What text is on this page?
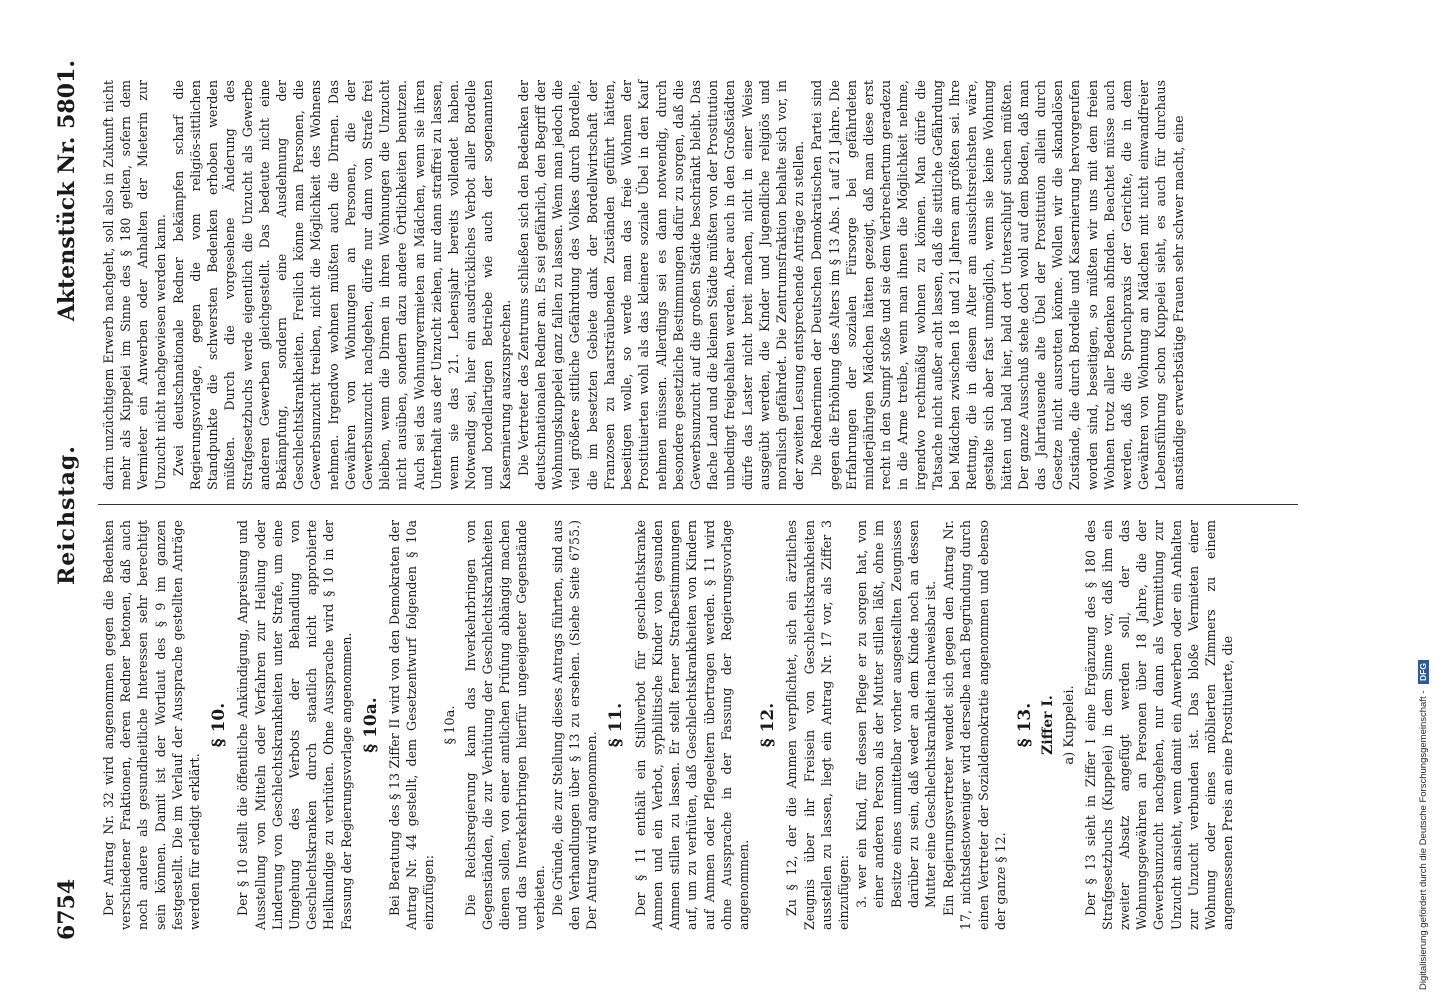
6754
Reichstag.
Aktenstück Nr. 5801.

Der Antrag Nr. 32 wird angenommen gegen die Bedenken verschiedener Fraktionen, deren Redner betonen, daß auch noch andere als gesundheitliche Interessen sehr berechtigt sein können. Damit ist der Wortlaut des § 9 im ganzen festgestellt. Die im Verlauf der Aussprache gestellten Anträge werden für erledigt erklärt.

§ 10. Der § 10 stellt die öffentliche Ankündigung, Anpreisung und Ausstellung von Mitteln oder Verfahren zur Heilung oder Linderung von Geschlechtskrankheiten unter Strafe, um eine Umgehung des Verbots der Behandlung von Geschlechtskranken durch staatlich nicht approbierte Heilkundige zu verhüten. Ohne Aussprache wird § 10 in der Fassung der Regierungsvorlage angenommen. § 10a. Bei Beratung des § 13 Ziffer II wird von den Demokraten der Antrag Nr. 44 gestellt, dem Gesetzentwurf folgenden § 10a einzufügen:

§ 10a. Die Reichsregierung kann das Inverkehrbringen von Gegenständen, die zur Verhütung der Geschlechtskrankheiten dienen sollen, von einer amtlichen Prüfung abhängig machen und das Inverkehrbringen hierfür ungeeigneter Gegenstände verbieten. Die Gründe, die zur Stellung dieses Antrags führten, sind aus den Verhandlungen über § 13 zu ersehen. (Siehe Seite 6755.) Der Antrag wird angenommen.

§ 11. Der § 11 enthält ein Stillverbot für geschlechtskranke Ammen und ein Verbot, syphilitische Kinder von gesunden Ammen stillen zu lassen. Er stellt ferner Strafbestimmungen auf, um zu verhüten, daß Geschlechtskrankheiten von Kindern auf Ammen oder Pflegeeltern übertragen werden. § 11 wird ohne Aussprache in der Fassung der Regierungsvorlage angenommen.

§ 12. Zu § 12, der die Ammen verpflichtet, sich ein ärztliches Zeugnis über ihr Freisein von Geschlechtskrankheiten ausstellen zu lassen, liegt ein Antrag Nr. 17 vor, als Ziffer 3 einzufügen: 3. wer ein Kind, für dessen Pflege er zu sorgen hat, von einer anderen Person als der Mutter stillen läßt, ohne im Besitze eines unmittelbar vorher ausgestellten Zeugnisses darüber zu sein, daß weder an dem Kinde noch an dessen Mutter eine Geschlechtskrankheit nachweisbar ist. Ein Regierungsvertreter wendet sich gegen den Antrag Nr. 17, nichtsdestoweniger wird derselbe nach Begründung durch einen Vertreter der Sozialdemokratie angenommen und ebenso der ganze § 12.

§ 13. Ziffer I. a) Kuppelei. Der § 13 sieht in Ziffer I eine Ergänzung des § 180 des Strafgesetzbuchs (Kuppelei) in dem Sinne vor, daß ihm ein zweiter Absatz angefügt werden soll, der das Wohnungsgewähren an Personen über 18 Jahre, die der Gewerbsunzucht nachgehen, nur dann als Vermittlung zur Unzucht ansieht, wenn damit ein Anwerben oder ein Anhalten zur Unzucht verbunden ist. Das bloße Vermieten einer Wohnung oder eines möblierten Zimmers zu einem angemessenen Preis an eine Prostituierte, die

darin unzüchtigem Erwerb nachgeht, soll also in Zukunft nicht mehr als Kuppelei im Sinne des § 180 gelten, sofern dem Vermieter ein Anwerben oder Anhalten der Mieterin zur Unzucht nicht nachgewiesen werden kann. Zwei deutschnationale Redner bekämpfen scharf die Regierungsvorlage, gegen die vom religiös-sittlichen Standpunkte die schwersten Bedenken erhoben werden müßten. Durch die vorgesehene Änderung des Strafgesetzbuchs werde eigentlich die Unzucht als Gewerbe anderen Gewerben gleichgestellt. Das bedeute nicht eine Bekämpfung, sondern eine Ausdehnung der Geschlechtskrankheiten. Freilich könne man Personen, die Gewerbsunzucht treiben, nicht die Möglichkeit des Wohnens nehmen. Irgendwo wohnen müßten auch die Dirnen. Das Gewähren von Wohnungen an Personen, die der Gewerbsunzucht nachgehen, dürfe nur dann von Strafe frei bleiben, wenn die Dirnen in ihren Wohnungen die Unzucht nicht ausüben, sondern dazu andere Örtlichkeiten benutzen. Auch sei das Wohnungvermieten an Mädchen, wenn sie ihren Unterhalt aus der Unzucht ziehen, nur dann straffrei zu lassen, wenn sie das 21. Lebensjahr bereits vollendet haben. Notwendig sei, hier ein ausdrückliches Verbot aller Bordelle und bordellartigen Betriebe wie auch der sogenannten Kasernierung auszusprechen. Die Vertreter des Zentrums schließen sich den Bedenken der deutschnationalen Redner an. Es sei gefährlich, den Begriff der Wohnungskuppelei ganz fallen zu lassen. Wenn man jedoch die viel größere sittliche Gefährdung des Volkes durch Bordelle, die im besetzten Gebiete dank der Bordellwirtschaft der Franzosen zu haarsträubenden Zuständen geführt hätten, beseitigen wolle, so werde man das freie Wohnen der Prostituierten wohl als das kleinere soziale Übel in den Kauf nehmen müssen. Allerdings sei es dann notwendig, durch besondere gesetzliche Bestimmungen dafür zu sorgen, daß die Gewerbsunzucht auf die großen Städte beschränkt bleibt. Das flache Land und die kleinen Städte müßten von der Prostitution unbedingt freigehalten werden. Aber auch in den Großstädten dürfe das Laster nicht breit machen, nicht in einer Weise ausgeübt werden, die Kinder und Jugendliche religiös und moralisch gefährdet. Die Zentrumsfraktion behalte sich vor, in der zweiten Lesung entsprechende Anträge zu stellen. Die Rednerinnen der Deutschen Demokratischen Partei sind gegen die Erhöhung des Alters im § 13 Abs. 1 auf 21 Jahre. Die Erfahrungen der sozialen Fürsorge bei gefährdeten minderjährigen Mädchen hätten gezeigt, daß man diese erst recht in den Sumpf stoße und sie dem Verbrechertum geradezu in die Arme treibe, wenn man ihnen die Möglichkeit nehme, irgendwo rechtmäßig wohnen zu können. Man dürfe die Tatsache nicht außer acht lassen, daß die sittliche Gefährdung bei Mädchen zwischen 18 und 21 Jahren am größten sei. Ihre Rettung, die in diesem Alter am aussichtsreichsten wäre, gestalte sich aber fast unmöglich, wenn sie keine Wohnung hätten und bald hier, bald dort Unterschlupf suchen müßten. Der ganze Ausschuß stehe doch wohl auf dem Boden, daß man das Jahrtausende alte Übel der Prostitution allein durch Gesetze nicht ausrotten könne. Wollen wir die skandalösen Zustände, die durch Bordelle und Kasernierung hervorgerufen worden sind, beseitigen, so müßten wir uns mit dem freien Wohnen trotz aller Bedenken abfinden. Beachtet müsse auch werden, daß die Spruchpraxis der Gerichte, die in dem Gewähren von Wohnung an Mädchen mit nicht einwandfreier Lebensführung schon Kuppelei sieht, es auch für durchaus anständige erwerbstätige Frauen sehr schwer macht, eine

Digitalisierung gefördert durch die Deutsche Forschungsgemeinschaft - DFG
